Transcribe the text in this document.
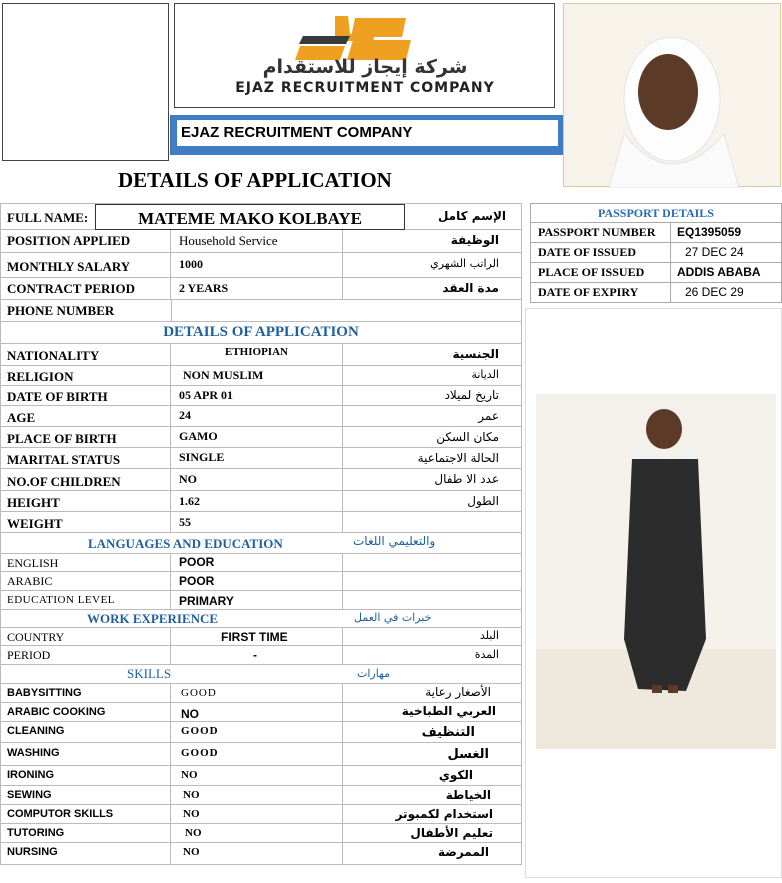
شركة إيجاز للاستقدام
EJAZ RECRUITMENT COMPANY
EJAZ RECRUITMENT COMPANY
DETAILS OF APPLICATION
PASSPORT DETAILS
PASSPORT NUMBER	EQ1395059
DATE OF ISSUED	27 DEC 24
PLACE OF ISSUED	ADDIS ABABA
DATE OF EXPIRY	26 DEC 29
FULL NAME:	MATEME MAKO KOLBAYE	الإسم كامل
POSITION APPLIED	Household Service	الوظيفة
MONTHLY SALARY	1000	الراتب الشهري
CONTRACT PERIOD	2 YEARS	مدة العقد
PHONE NUMBER
DETAILS OF APPLICATION
NATIONALITY	ETHIOPIAN	الجنسية
RELIGION	NON MUSLIM	الديانة
DATE OF BIRTH	05 APR 01	تاريخ لميلاد
AGE	24	عمر
PLACE OF BIRTH	GAMO	مكان السكن
MARITAL STATUS	SINGLE	الحالة الاجتماعية
NO.OF CHILDREN	NO	عدد الا طفال
HEIGHT	1.62	الطول
WEIGHT	55
LANGUAGES AND EDUCATION	والتعليمي اللغات
ENGLISH	POOR
ARABIC	POOR
EDUCATION LEVEL	PRIMARY
WORK EXPERIENCE	خبرات في العمل
COUNTRY	FIRST TIME	البلد
PERIOD	-	المدة
SKILLS	مهارات
BABYSITTING	GOOD	الأصغار رعاية
ARABIC COOKING	NO	العربي الطباخية
CLEANING	GOOD	التنظيف
WASHING	GOOD	الغسل
IRONING	NO	الكوي
SEWING	NO	الخياطة
COMPUTOR SKILLS	NO	استخدام لكمبوتر
TUTORING	NO	تعليم الأطفال
NURSING	NO	الممرضة
